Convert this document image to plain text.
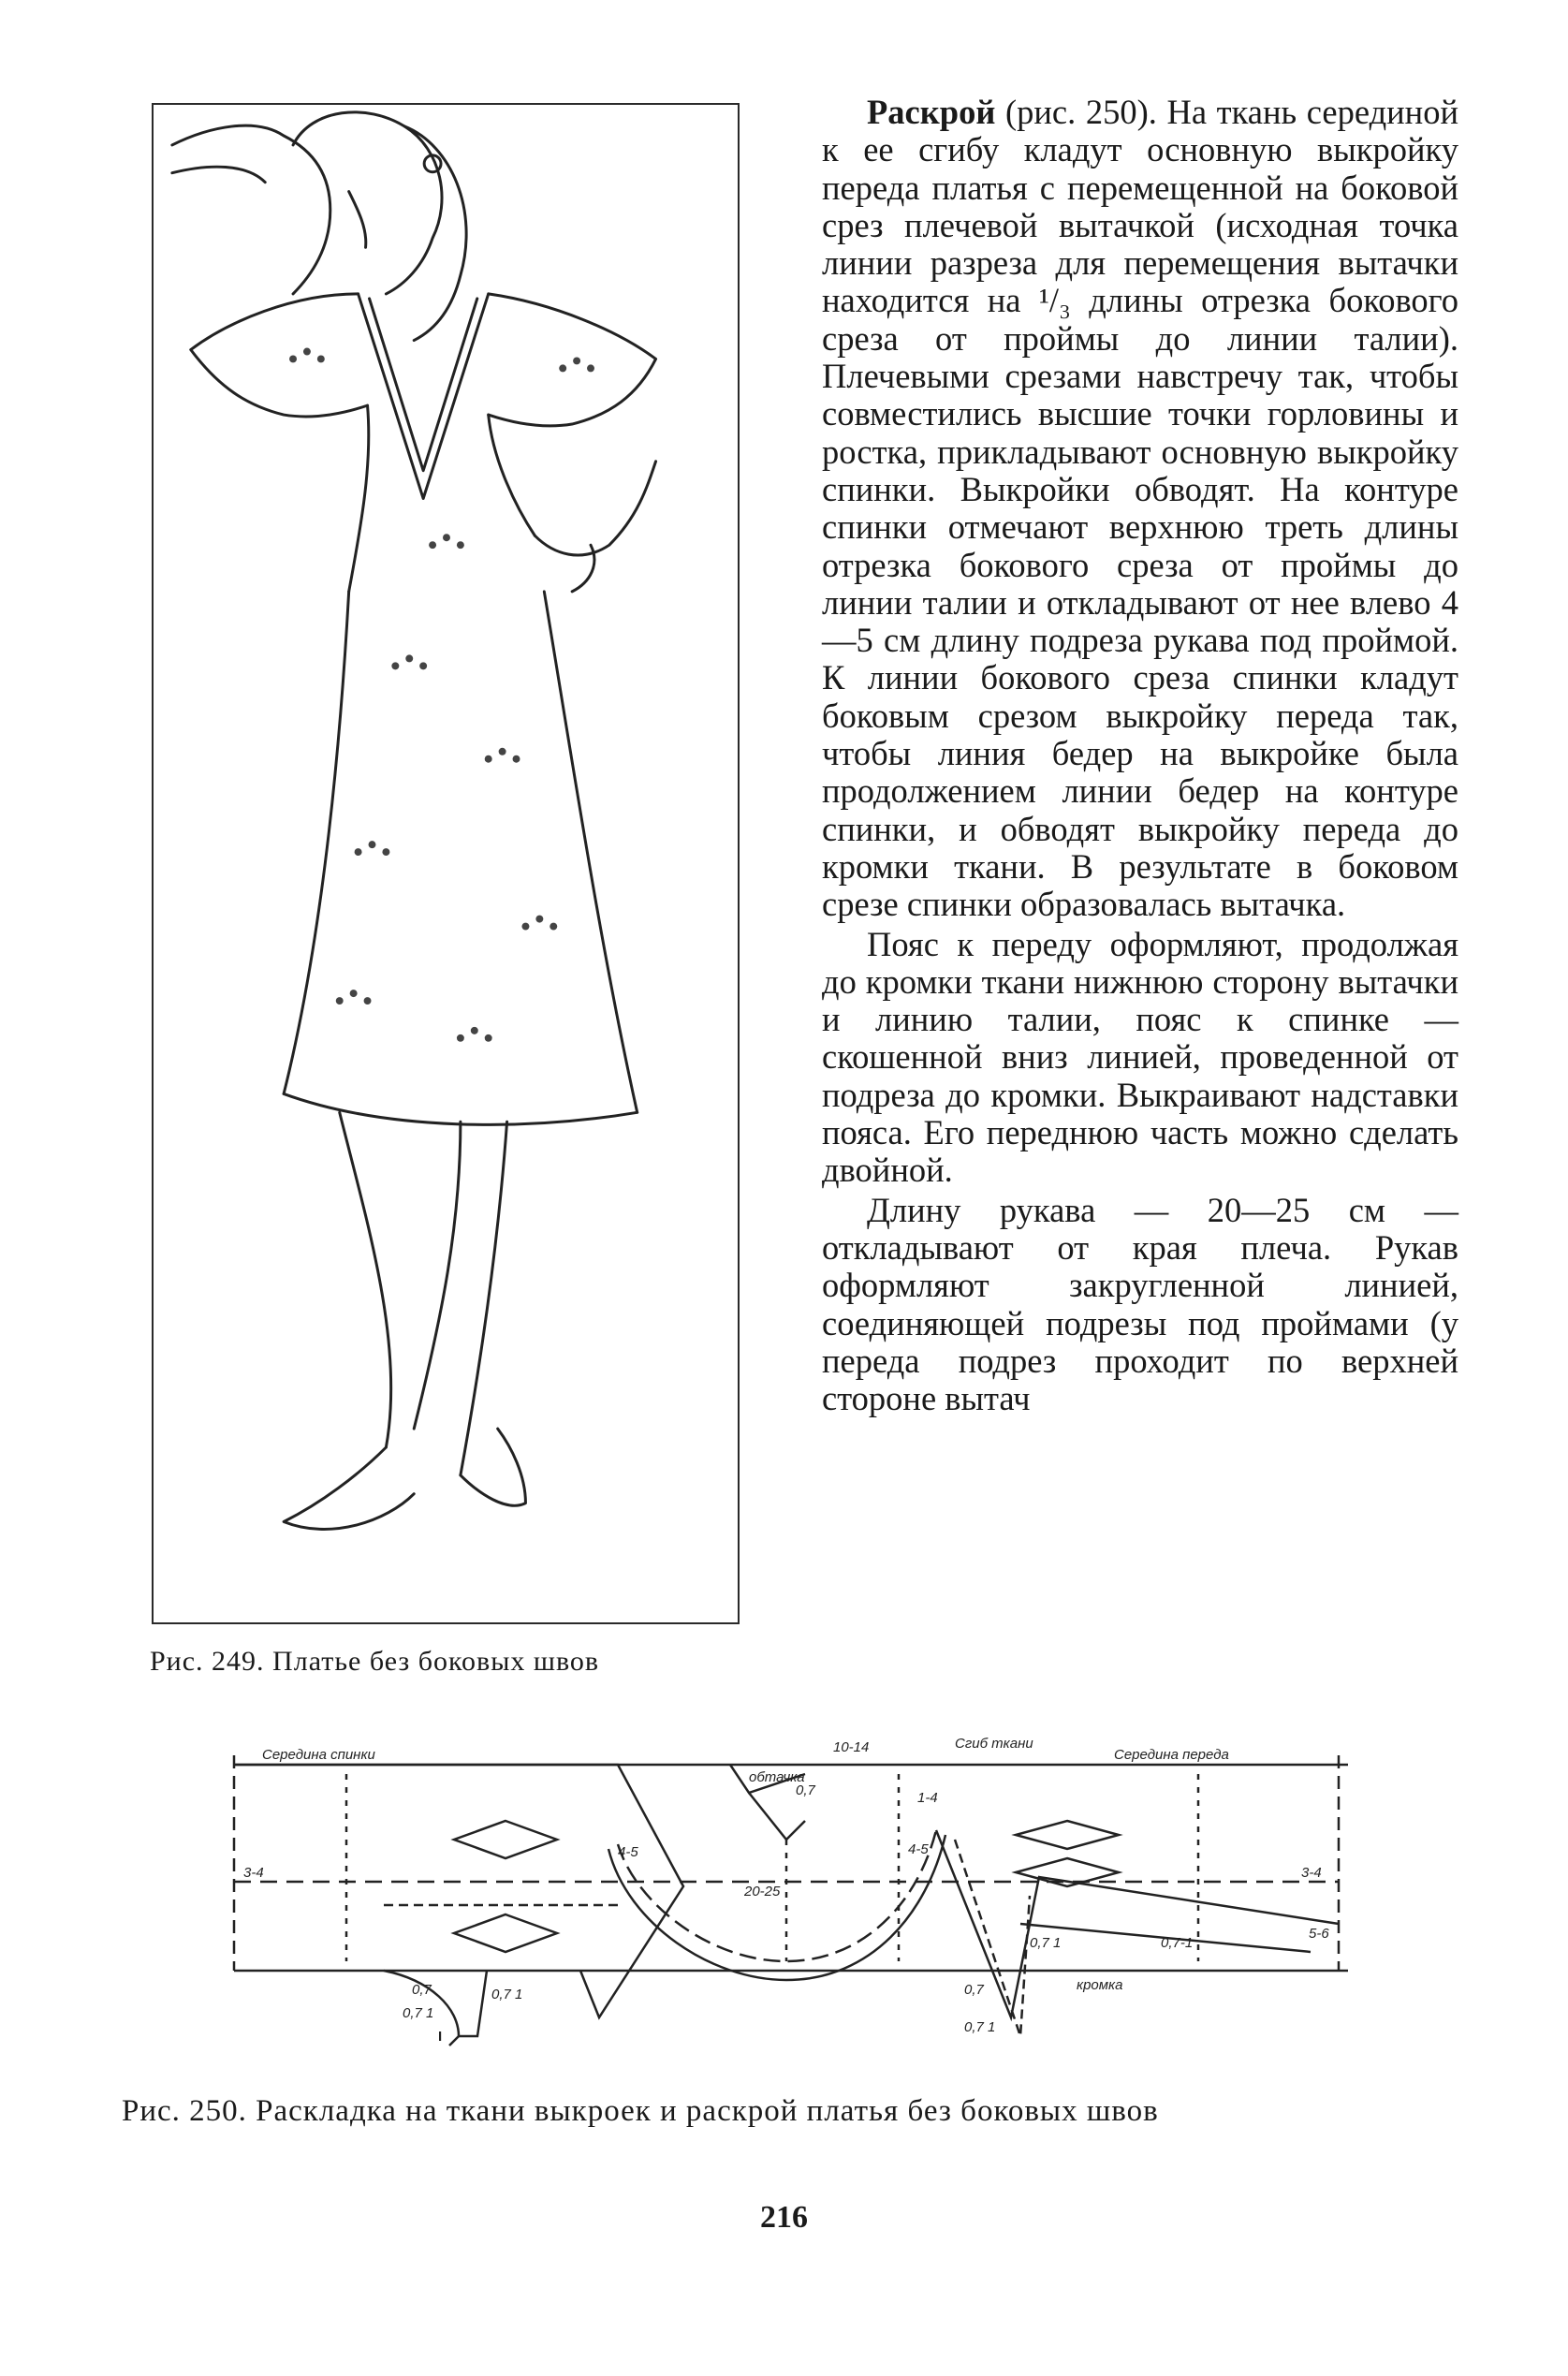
Рис. 249. Платье без боковых швов

Раскрой (рис. 250). На ткань серединой к ее сгибу кладут основную выкройку переда платья с перемещенной на боковой срез плечевой вытачкой (исходная точка линии разреза для перемещения вытачки находится на ¹/₃ длины отрезка бокового среза от проймы до линии талии). Плечевыми срезами навстречу так, чтобы совместились высшие точки горловины и ростка, прикладывают основную выкройку спинки. Выкройки обводят. На контуре спинки отмечают верхнюю треть длины отрезка бокового среза от проймы до линии талии и откладывают от нее влево 4—5 см длину подреза рукава под проймой. К линии бокового среза спинки кладут боковым срезом выкройку переда так, чтобы линия бедер на выкройке была продолжением линии бедер на контуре спинки, и обводят выкройку переда до кромки ткани. В результате в боковом срезе спинки образовалась вытачка.

Пояс к переду оформляют, продолжая до кромки ткани нижнюю сторону вытачки и линию талии, пояс к спинке — скошенной вниз линией, проведенной от подреза до кромки. Выкраивают надставки пояса. Его переднюю часть можно сделать двойной.

Длину рукава — 20—25 см — откладывают от края плеча. Рукав оформляют закругленной линией, соединяющей подрезы под проймами (у переда подрез проходит по верхней стороне вытач

Середина спинки	Середина переда
Сгиб ткани
кромка
обтачка
3-4	3-4
4-5	4-5
20-25
1-4
10-14
0,7
0,7 1
0,7 1
0,7 1
0,7 1	0,7-1
0,7	0,7
5-6
I
Рис. 250. Раскладка на ткани выкроек и раскрой платья без боковых швов
216
